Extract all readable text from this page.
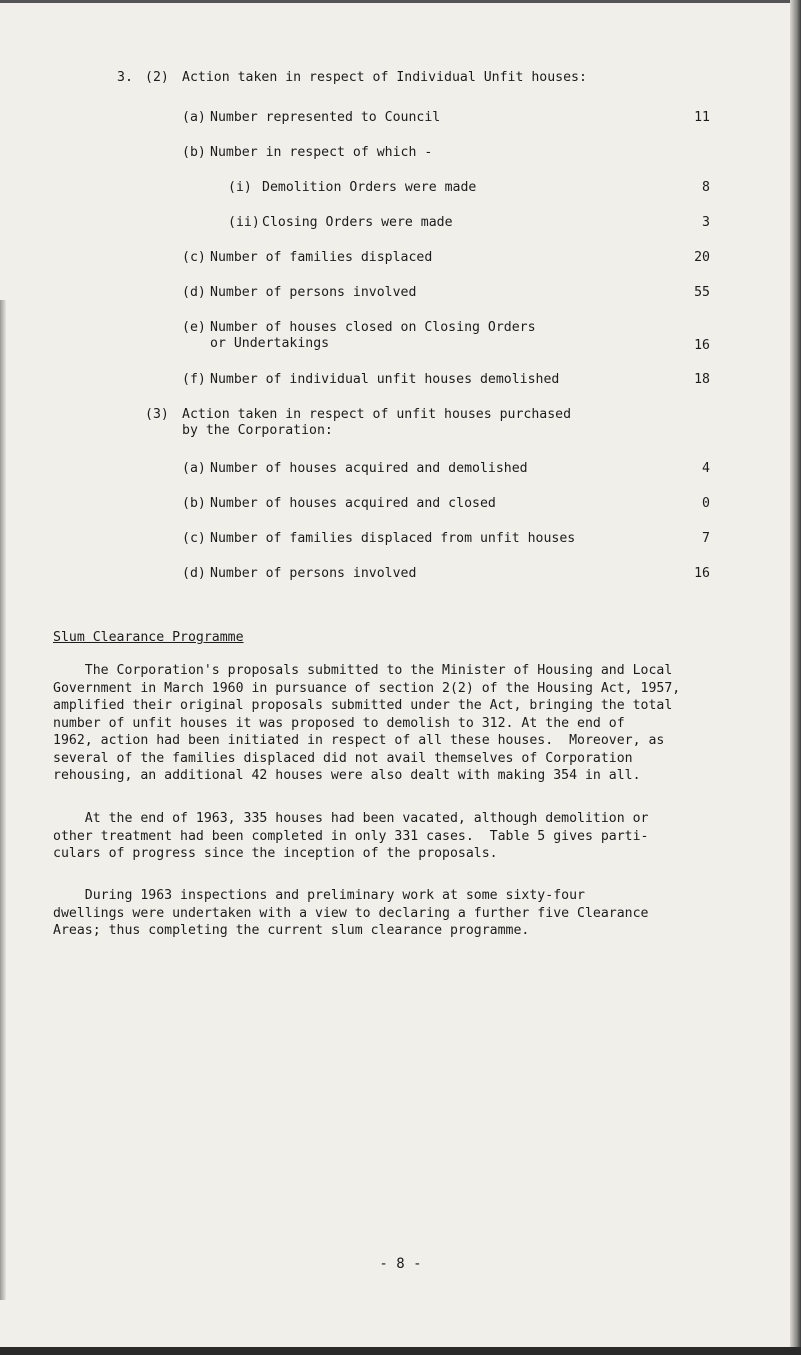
3. (2) Action taken in respect of Individual Unfit houses:
(a) Number represented to Council	11
(b) Number in respect of which -
(i) Demolition Orders were made	8
(ii) Closing Orders were made	3
(c) Number of families displaced	20
(d) Number of persons involved	55
(e) Number of houses closed on Closing Orders
or Undertakings	16
(f) Number of individual unfit houses demolished	18
(3) Action taken in respect of unfit houses purchased
by the Corporation:
(a) Number of houses acquired and demolished	4
(b) Number of houses acquired and closed	0
(c) Number of families displaced from unfit houses	7
(d) Number of persons involved	16
Slum Clearance Programme
The Corporation's proposals submitted to the Minister of Housing and Local
Government in March 1960 in pursuance of section 2(2) of the Housing Act, 1957,
amplified their original proposals submitted under the Act, bringing the total
number of unfit houses it was proposed to demolish to 312. At the end of
1962, action had been initiated in respect of all these houses.  Moreover, as
several of the families displaced did not avail themselves of Corporation
rehousing, an additional 42 houses were also dealt with making 354 in all.
At the end of 1963, 335 houses had been vacated, although demolition or
other treatment had been completed in only 331 cases.  Table 5 gives parti-
culars of progress since the inception of the proposals.
During 1963 inspections and preliminary work at some sixty-four
dwellings were undertaken with a view to declaring a further five Clearance
Areas; thus completing the current slum clearance programme.
- 8 -
